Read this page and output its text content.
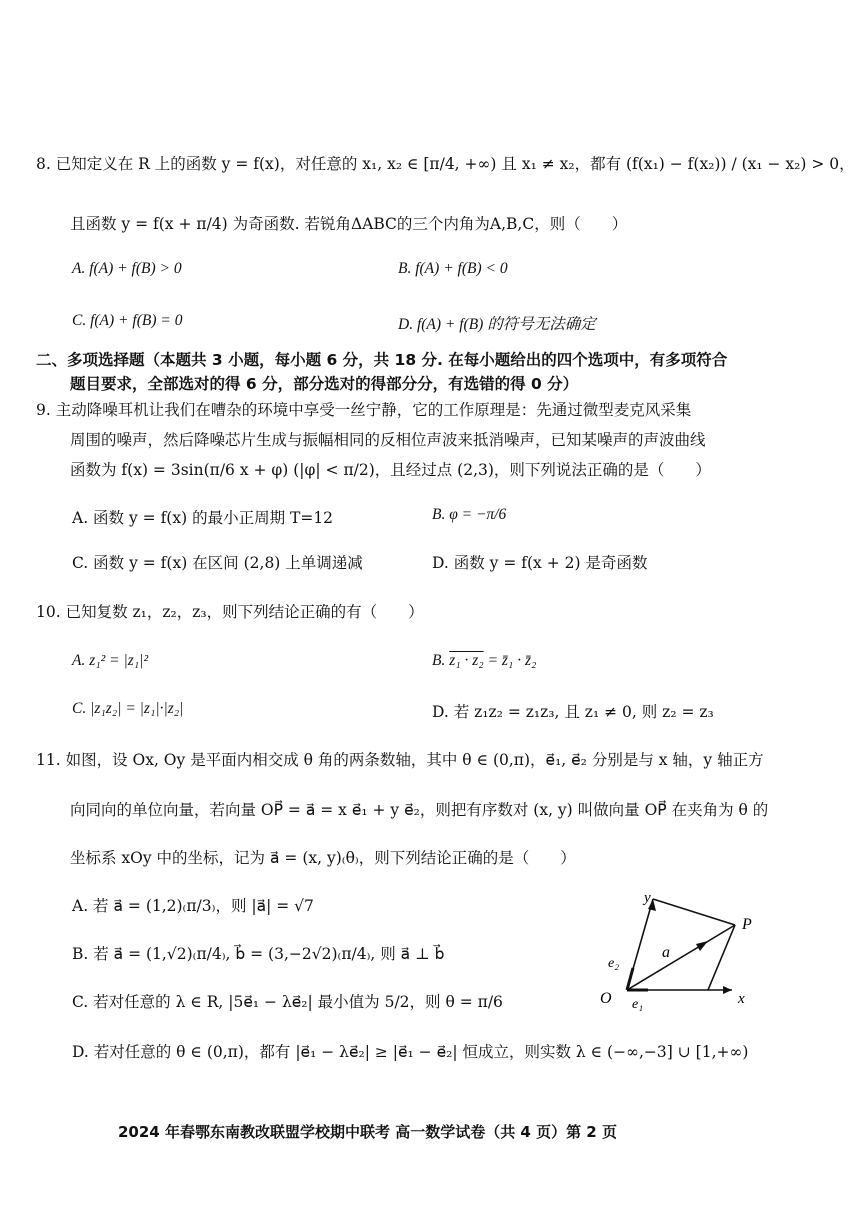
8. 已知定义在 R 上的函数 y = f(x)，对任意的 x₁, x₂ ∈ [π/4, +∞) 且 x₁ ≠ x₂，都有 (f(x₁) − f(x₂)) / (x₁ − x₂) > 0，
且函数 y = f(x + π/4) 为奇函数. 若锐角ΔABC的三个内角为A,B,C，则（　　）
A. f(A) + f(B) > 0	B. f(A) + f(B) < 0
C. f(A) + f(B) = 0	D. f(A) + f(B) 的符号无法确定
二、多项选择题（本题共 3 小题，每小题 6 分，共 18 分. 在每小题给出的四个选项中，有多项符合
题目要求，全部选对的得 6 分，部分选对的得部分分，有选错的得 0 分）
9. 主动降噪耳机让我们在嘈杂的环境中享受一丝宁静，它的工作原理是：先通过微型麦克风采集
周围的噪声，然后降噪芯片生成与振幅相同的反相位声波来抵消噪声，已知某噪声的声波曲线
函数为 f(x) = 3sin(π/6 x + φ) (|φ| < π/2)，且经过点 (2,3)，则下列说法正确的是（　　）
A. 函数 y = f(x) 的最小正周期 T=12	B. φ = −π/6
C. 函数 y = f(x) 在区间 (2,8) 上单调递减	D. 函数 y = f(x + 2) 是奇函数
10. 已知复数 z₁，z₂，z₃，则下列结论正确的有（　　）
A. z₁² = |z₁|²	B. z₁ · z₂ = z̄₁ · z̄₂
C. |z₁z₂| = |z₁|·|z₂|	D. 若 z₁z₂ = z₁z₃, 且 z₁ ≠ 0, 则 z₂ = z₃
11. 如图，设 Ox, Oy 是平面内相交成 θ 角的两条数轴，其中 θ ∈ (0,π)，e⃗₁, e⃗₂ 分别是与 x 轴，y 轴正方
向同向的单位向量，若向量 OP⃗ = a⃗ = x e⃗₁ + y e⃗₂，则把有序数对 (x, y) 叫做向量 OP⃗ 在夹角为 θ 的
坐标系 xOy 中的坐标，记为 a⃗ = (x, y)₍θ₎，则下列结论正确的是（　　）
A. 若 a⃗ = (1,2)₍π/3₎，则 |a⃗| = √7
B. 若 a⃗ = (1,√2)₍π/4₎, b⃗ = (3,−2√2)₍π/4₎, 则 a⃗ ⊥ b⃗
C. 若对任意的 λ ∈ R, |5e⃗₁ − λe⃗₂| 最小值为 5/2，则 θ = π/6
D. 若对任意的 θ ∈ (0,π)，都有 |e⃗₁ − λe⃗₂| ≥ |e⃗₁ − e⃗₂| 恒成立，则实数 λ ∈ (−∞,−3] ∪ [1,+∞)
y
P
a
e₂
O e₁	x
2024 年春鄂东南教改联盟学校期中联考 高一数学试卷（共 4 页）第 2 页
